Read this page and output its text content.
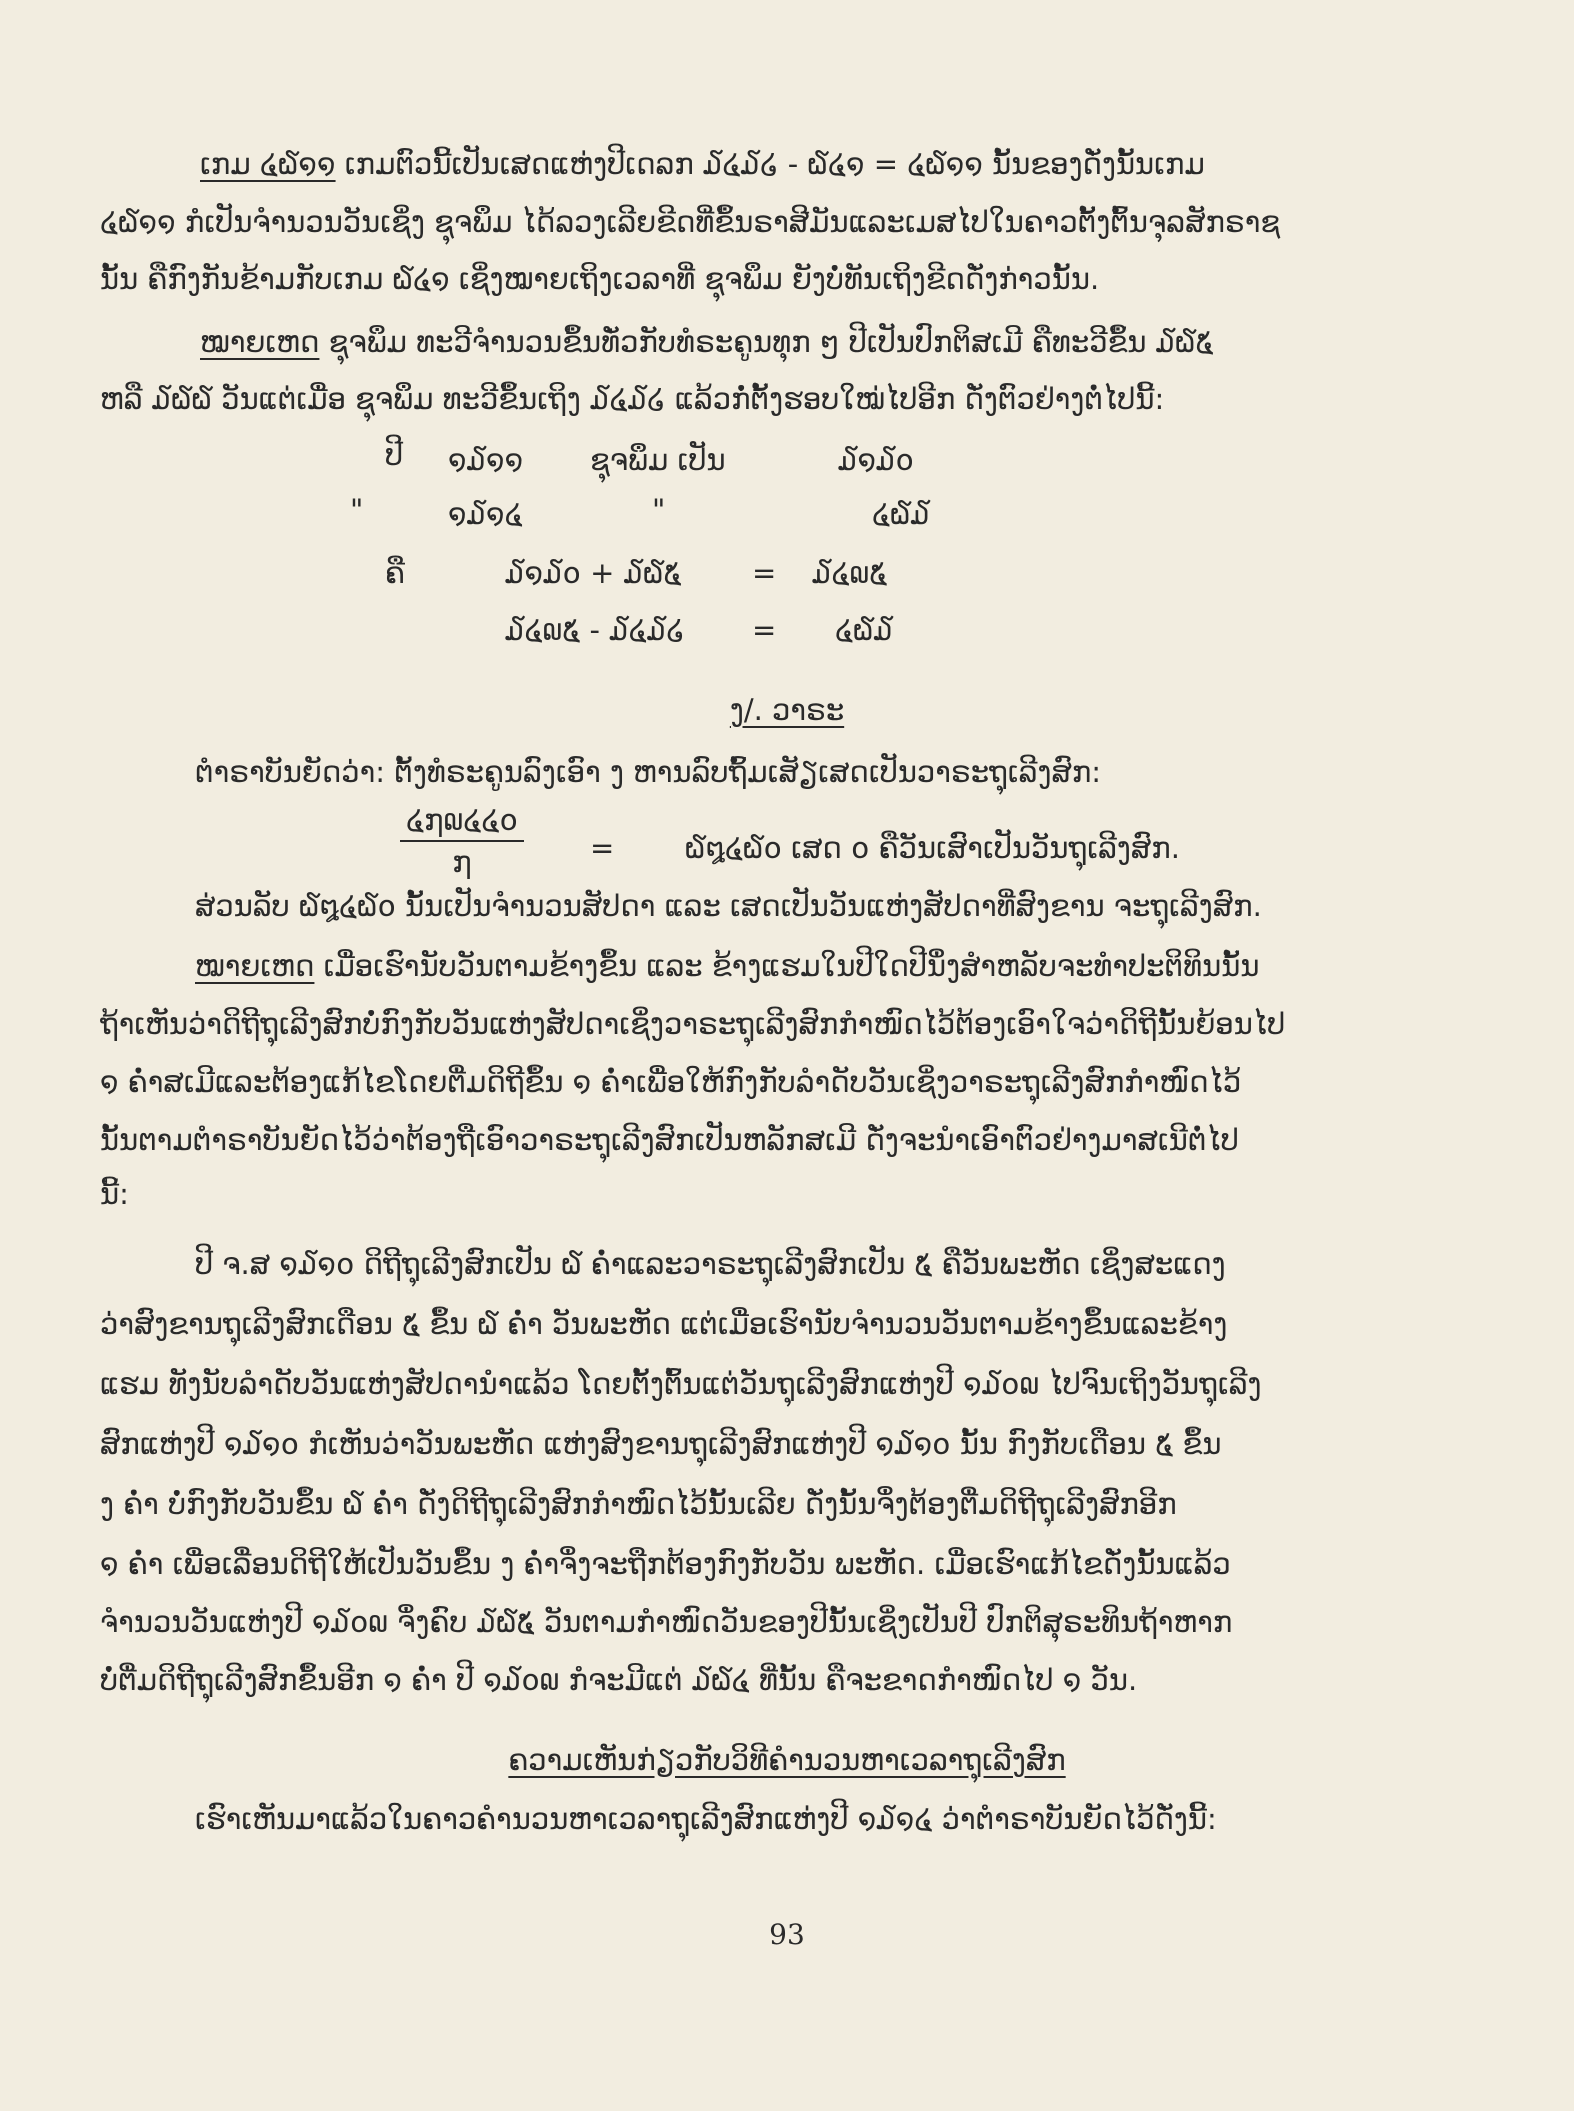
ເກມ ໔໖໑໑ ເກມຕົວນີ້ເປັນເສດແຫ່ງປີເດລກ ໓໔໓໒ - ໖໔໑ = ໔໖໑໑ ນັ້ນຂອງດັ່ງນັ້ນເກມ
໔໖໑໑ ກໍເປັນຈຳນວນວັນເຊິ່ງ ຊຸຈພຶມ ໄດ້ລວງເລີຍຂີດທີ່ຂຶ້ນຣາສີມັນແລະເມສໄປໃນຄາວຕັ້ງຕົ້ນຈຸລສັກຣາຊ
ນັ້ນ ຄືກົງກັນຂ້າມກັບເກມ ໖໔໑ ເຊິ່ງໝາຍເຖິງເວລາທີ່ ຊຸຈພຶມ ຍັງບໍ່ທັນເຖິງຂີດດັ່ງກ່າວນັ້ນ.
ໝາຍເຫດ ຊຸຈພຶມ ທະວີຈຳນວນຂຶ້ນທັ່ວກັບທໍຣະຄູນທຸກ ໆ ປີເປັນປົກຕິສເມີ ຄືທະວີຂຶ້ນ ໓໖໕
ຫລື ໓໖໖ ວັນແຕ່ເມື່ອ ຊຸຈພຶມ ທະວີຂຶ້ນເຖິງ ໓໔໓໒ ແລ້ວກໍ່ຕັ້ງຮອບໃໝ່ໄປອີກ ດັ່ງຕົວຢ່າງຕໍ່ໄປນີ້:
ປີ ໑໓໑໑ ຊຸຈພຶມ ເປັນ	໓໑໓໐
"	໑໓໑໔	"	໔໖໓
ຄື	໓໑໓໐ + ໓໖໕ = ໓໔໙໕
໓໔໙໕ - ໓໔໓໒ = ໔໖໓
ງ/. ວາຣະ
ຕຳຣາບັນຍັດວ່າ: ຕັ້ງທໍຣະຄູນລົງເອົາ ງ ຫານລົບຖົ້ມເສັຽເສດເປັນວາຣະຖຸເລີງສົກ:
໔໗໙໔໔໐
໗	= ໖໘໔໖໐ ເສດ ໐ ຄືວັນເສົາເປັນວັນຖຸເລີງສົກ.
ສ່ວນລັບ ໖໘໔໖໐ ນັ້ນເປັນຈຳນວນສັປດາ ແລະ ເສດເປັນວັນແຫ່ງສັປດາທີ່ສົງຂານ ຈະຖຸເລີງສົກ.
ໝາຍເຫດ ເມື່ອເຮົານັບວັນຕາມຂ້າງຂຶ້ນ ແລະ ຂ້າງແຮມໃນປີໃດປີນຶ່ງສຳຫລັບຈະທຳປະຕິທິນນັ້ນ
ຖ້າເຫັນວ່າດິຖີຖຸເລີງສົກບໍ່ກົງກັບວັນແຫ່ງສັປດາເຊິ່ງວາຣະຖຸເລີງສົກກຳໜົດໄວ້ຕ້ອງເອົາໃຈວ່າດິຖີນັ້ນຍ້ອນໄປ
໑ ຄ່ຳສເມີແລະຕ້ອງແກ້ໄຂໂດຍຕື່ມດິຖີຂຶ້ນ ໑ ຄ່ຳເພື່ອໃຫ້ກົງກັບລຳດັບວັນເຊິ່ງວາຣະຖຸເລີງສົກກຳໜົດໄວ້
ນັ້ນຕາມຕຳຣາບັນຍັດໄວ້ວ່າຕ້ອງຖືເອົາວາຣະຖຸເລີງສົກເປັນຫລັກສເມີ ດັ່ງຈະນຳເອົາຕົວຢ່າງມາສເນີຕໍ່ໄປ
ນີ້:
ປີ ຈ.ສ ໑໓໑໐ ດິຖີຖຸເລີງສົກເປັນ ໖ ຄ່ຳແລະວາຣະຖຸເລີງສົກເປັນ ໕ ຄືວັນພະຫັດ ເຊິ່ງສະແດງ
ວ່າສົງຂານຖຸເລີງສົກເດືອນ ໕ ຂຶ້ນ ໖ ຄ່ຳ ວັນພະຫັດ ແຕ່ເມື່ອເຮົານັບຈຳນວນວັນຕາມຂ້າງຂຶ້ນແລະຂ້າງ
ແຮມ ທັງນັບລຳດັບວັນແຫ່ງສັປດານຳແລ້ວ ໂດຍຕັ້ງຕົ້ນແຕ່ວັນຖຸເລີງສົກແຫ່ງປີ ໑໓໐໙ ໄປຈົນເຖິງວັນຖຸເລີງ
ສົກແຫ່ງປີ ໑໓໑໐ ກໍເຫັນວ່າວັນພະຫັດ ແຫ່ງສົງຂານຖຸເລີງສົກແຫ່ງປີ ໑໓໑໐ ນັ້ນ ກົງກັບເດືອນ ໕ ຂຶ້ນ
ງ ຄ່ຳ ບໍ່ກົງກັບວັນຂຶ້ນ ໖ ຄ່ຳ ດັ່ງດິຖີຖຸເລີງສົກກຳໜົດໄວ້ນັ້ນເລີຍ ດັ່ງນັ້ນຈຶ່ງຕ້ອງຕື່ມດິຖີຖຸເລີງສົກອີກ
໑ ຄ່ຳ ເພື່ອເລື່ອນດິຖີໃຫ້ເປັນວັນຂຶ້ນ ງ ຄ່ຳຈຶ່ງຈະຖືກຕ້ອງກົງກັບວັນ ພະຫັດ. ເມື່ອເຮົາແກ້ໄຂດັ່ງນັ້ນແລ້ວ
ຈຳນວນວັນແຫ່ງປີ ໑໓໐໙ ຈຶ່ງຄົບ ໓໖໕ ວັນຕາມກຳໜົດວັນຂອງປີນັ້ນເຊິ່ງເປັນປີ ປົກຕິສຸຣະທິນຖ້າຫາກ
ບໍ່ຕື່ມດິຖີຖຸເລີງສົກຂຶ້ນອີກ ໑ ຄ່ຳ ປີ ໑໓໐໙ ກໍຈະມີແຕ່ ໓໖໔ ທີ່ນັ້ນ ຄືຈະຂາດກຳໜົດໄປ ໑ ວັນ.
ຄວາມເຫັນກ່ຽວກັບວິທີຄຳນວນຫາເວລາຖຸເລີງສົກ
ເຮົາເຫັນມາແລ້ວໃນຄາວຄຳນວນຫາເວລາຖຸເລີງສົກແຫ່ງປີ ໑໓໑໔ ວ່າຕຳຣາບັນຍັດໄວ້ດັ່ງນີ້:
93
